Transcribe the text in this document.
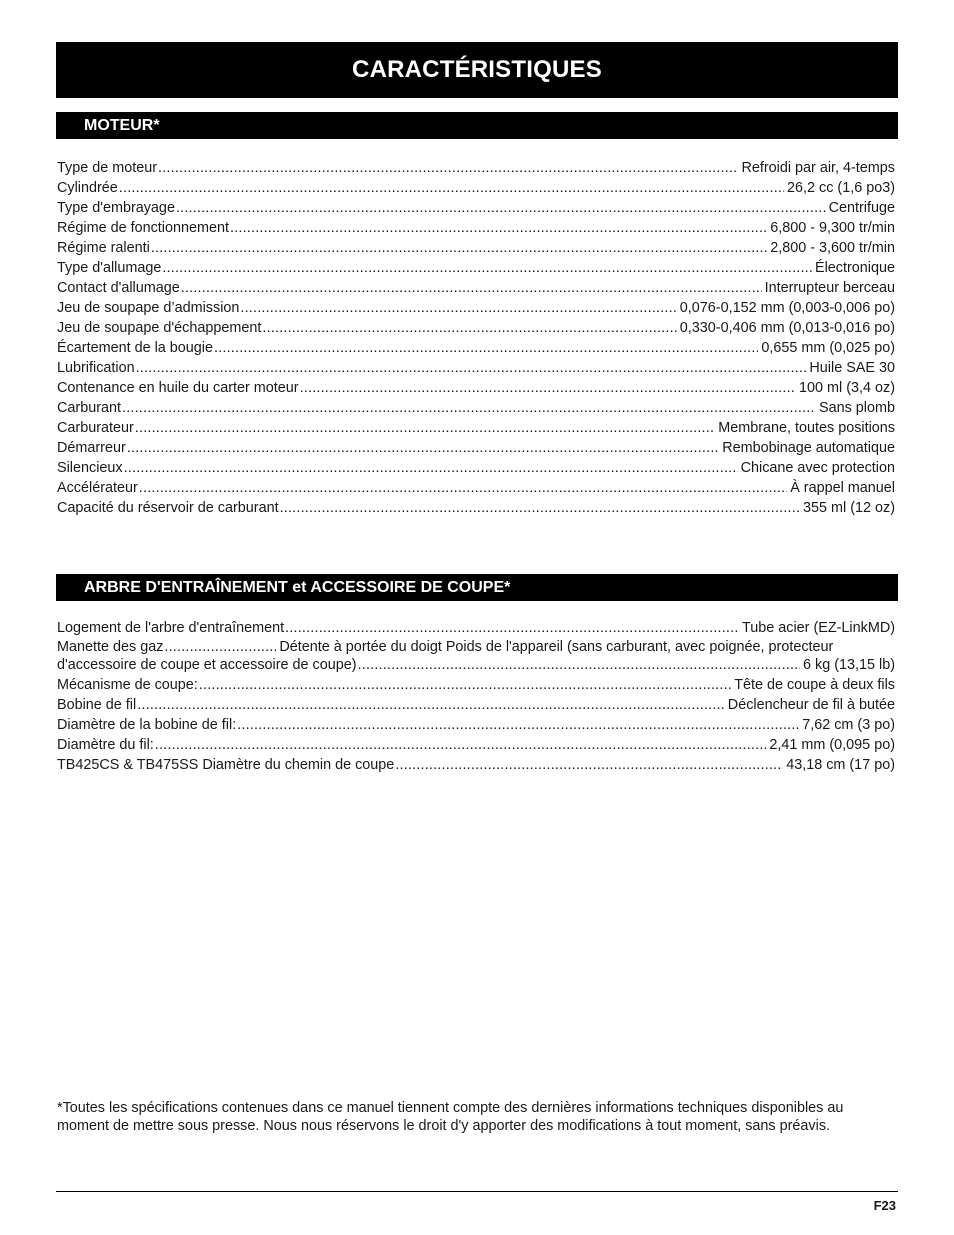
CARACTÉRISTIQUES
MOTEUR*
Type de moteur .....	Refroidi par air, 4-temps
Cylindrée .....	26,2 cc (1,6 po3)
Type d'embrayage .....	Centrifuge
Régime de fonctionnement .....	6,800 - 9,300 tr/min
Régime ralenti .....	2,800 - 3,600 tr/min
Type d'allumage .....	Électronique
Contact d'allumage .....	Interrupteur berceau
Jeu de soupape d’admission .....	0,076-0,152 mm (0,003-0,006 po)
Jeu de soupape d'échappement .....	0,330-0,406 mm (0,013-0,016 po)
Écartement de la bougie .....	0,655 mm (0,025 po)
Lubrification .....	Huile SAE 30
Contenance en huile du carter moteur .....	100 ml (3,4 oz)
Carburant .....	Sans plomb
Carburateur .....	Membrane, toutes positions
Démarreur .....	Rembobinage automatique
Silencieux .....	Chicane avec protection
Accélérateur .....	À rappel manuel
Capacité du réservoir de carburant .....	355 ml (12 oz)
ARBRE D'ENTRAÎNEMENT et ACCESSOIRE DE COUPE*
Logement de l'arbre d'entraînement .....	Tube acier (EZ-LinkMD)
Manette des gaz .....	Détente à portée du doigt Poids de l'appareil (sans carburant, avec poignée, protecteur
d'accessoire de coupe et accessoire de coupe) .....	6 kg (13,15 lb)
Mécanisme de coupe: .....	Tête de coupe à deux fils
Bobine de fil .....	Déclencheur de fil à butée
Diamètre de la bobine de fil: .....	7,62 cm (3 po)
Diamètre du fil: .....	2,41 mm (0,095 po)
TB425CS & TB475SS Diamètre du chemin de coupe .....	43,18 cm (17 po)
*Toutes les spécifications contenues dans ce manuel tiennent compte des dernières informations techniques disponibles au moment de mettre sous presse. Nous nous réservons le droit d'y apporter des modifications à tout moment, sans préavis.
F23
